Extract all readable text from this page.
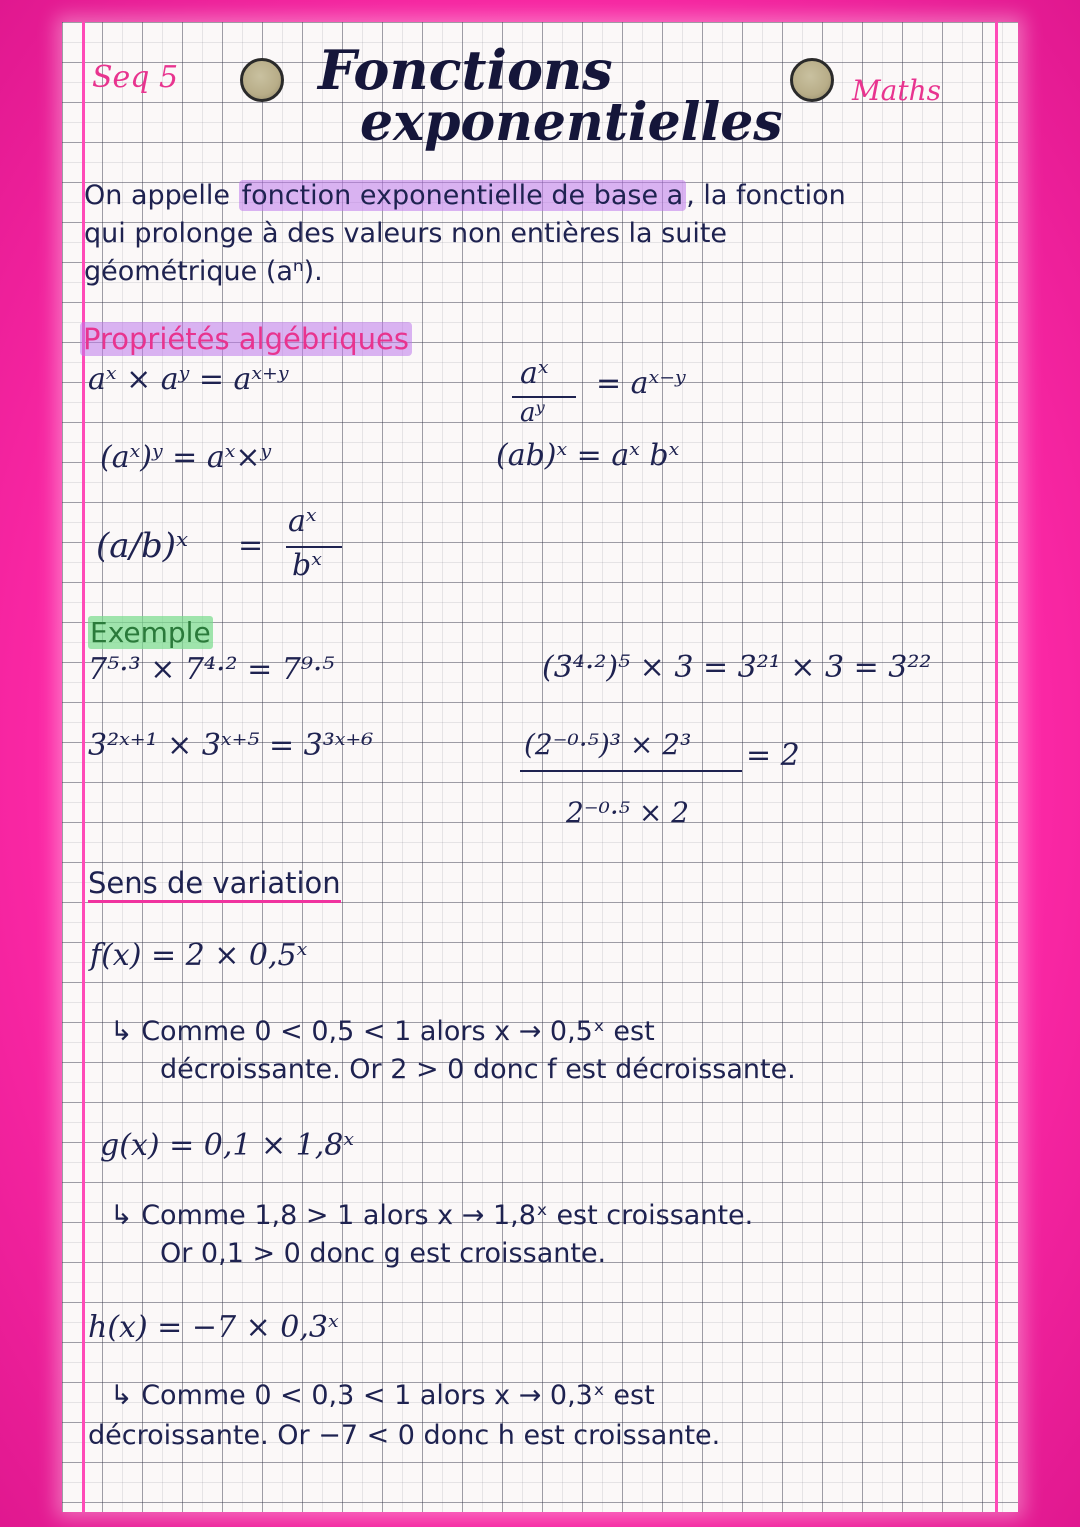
Seq 5	Maths
Fonctions
exponentielles
On appelle fonction exponentielle de base a , la fonction
qui prolonge à des valeurs non entières la suite
géométrique (aⁿ).
Propriétés algébriques
aˣ × aʸ = aˣ⁺ʸ	aˣ
aʸ
= aˣ⁻ʸ
(aˣ)ʸ = aˣ×ʸ	(ab)ˣ = aˣ bˣ
(a/b)ˣ =
aˣ
bˣ
Exemple
7⁵·³ × 7⁴·² = 7⁹·⁵	(3⁴·²)⁵ × 3 = 3²¹ × 3 = 3²²
3²ˣ⁺¹ × 3ˣ⁺⁵ = 3³ˣ⁺⁶	(2⁻⁰·⁵)³ × 2³
2⁻⁰·⁵ × 2
= 2
Sens de variation
f(x) = 2 × 0,5ˣ
↳ Comme 0 < 0,5 < 1 alors x → 0,5ˣ est
décroissante. Or 2 > 0 donc f est décroissante.
g(x) = 0,1 × 1,8ˣ
↳ Comme 1,8 > 1 alors x → 1,8ˣ est croissante.
Or 0,1 > 0 donc g est croissante.
h(x) = −7 × 0,3ˣ
↳ Comme 0 < 0,3 < 1 alors x → 0,3ˣ est
décroissante. Or −7 < 0 donc h est croissante.
